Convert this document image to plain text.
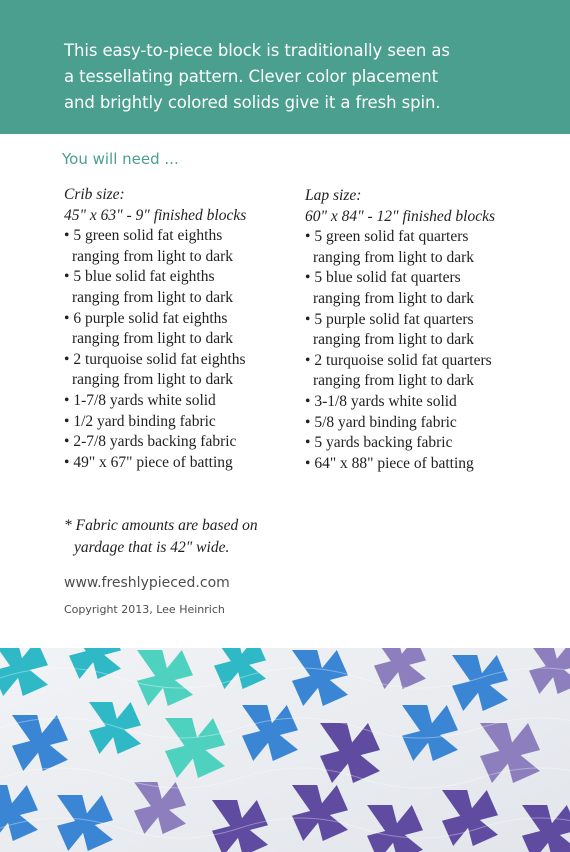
This easy-to-piece block is traditionally seen as
a tessellating pattern. Clever color placement
and brightly colored solids give it a fresh spin.
You will need ...
Crib size:
45" x 63" - 9" finished blocks
• 5 green solid fat eighths
ranging from light to dark
• 5 blue solid fat eighths
ranging from light to dark
• 6 purple solid fat eighths
ranging from light to dark
• 2 turquoise solid fat eighths
ranging from light to dark
• 1-7/8 yards white solid
• 1/2 yard binding fabric
• 2-7/8 yards backing fabric
• 49" x 67" piece of batting
Lap size:
60" x 84" - 12" finished blocks
• 5 green solid fat quarters
ranging from light to dark
• 5 blue solid fat quarters
ranging from light to dark
• 5 purple solid fat quarters
ranging from light to dark
• 2 turquoise solid fat quarters
ranging from light to dark
• 3-1/8 yards white solid
• 5/8 yard binding fabric
• 5 yards backing fabric
• 64" x 88" piece of batting
* Fabric amounts are based on
yardage that is 42" wide.
www.freshlypieced.com
Copyright 2013, Lee Heinrich
